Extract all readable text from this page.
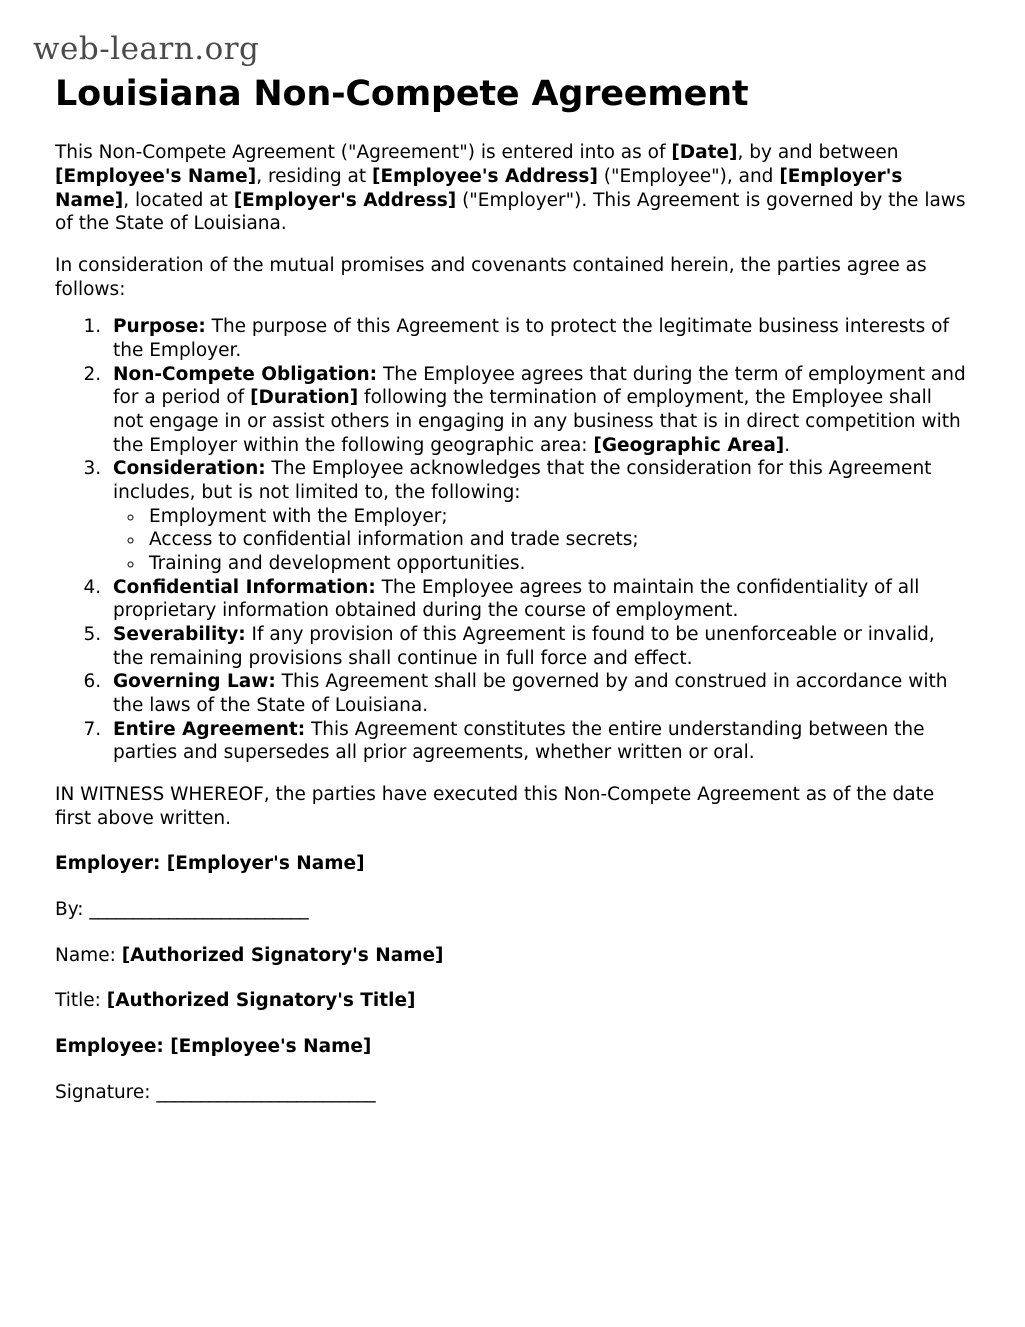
web-learn.org
Louisiana Non-Compete Agreement

This Non-Compete Agreement ("Agreement") is entered into as of [Date], by and between [Employee's Name], residing at [Employee's Address] ("Employee"), and [Employer's Name], located at [Employer's Address] ("Employer"). This Agreement is governed by the laws of the State of Louisiana.

In consideration of the mutual promises and covenants contained herein, the parties agree as follows:

1. Purpose: The purpose of this Agreement is to protect the legitimate business interests of the Employer.
2. Non-Compete Obligation: The Employee agrees that during the term of employment and for a period of [Duration] following the termination of employment, the Employee shall not engage in or assist others in engaging in any business that is in direct competition with the Employer within the following geographic area: [Geographic Area].
3. Consideration: The Employee acknowledges that the consideration for this Agreement includes, but is not limited to, the following:
◦ Employment with the Employer;
◦ Access to confidential information and trade secrets;
◦ Training and development opportunities.
4. Confidential Information: The Employee agrees to maintain the confidentiality of all proprietary information obtained during the course of employment.
5. Severability: If any provision of this Agreement is found to be unenforceable or invalid, the remaining provisions shall continue in full force and effect.
6. Governing Law: This Agreement shall be governed by and construed in accordance with the laws of the State of Louisiana.
7. Entire Agreement: This Agreement constitutes the entire understanding between the parties and supersedes all prior agreements, whether written or oral.

IN WITNESS WHEREOF, the parties have executed this Non-Compete Agreement as of the date first above written.

Employer: [Employer's Name]

By: _________________________

Name: [Authorized Signatory's Name]

Title: [Authorized Signatory's Title]

Employee: [Employee's Name]

Signature: _________________________
